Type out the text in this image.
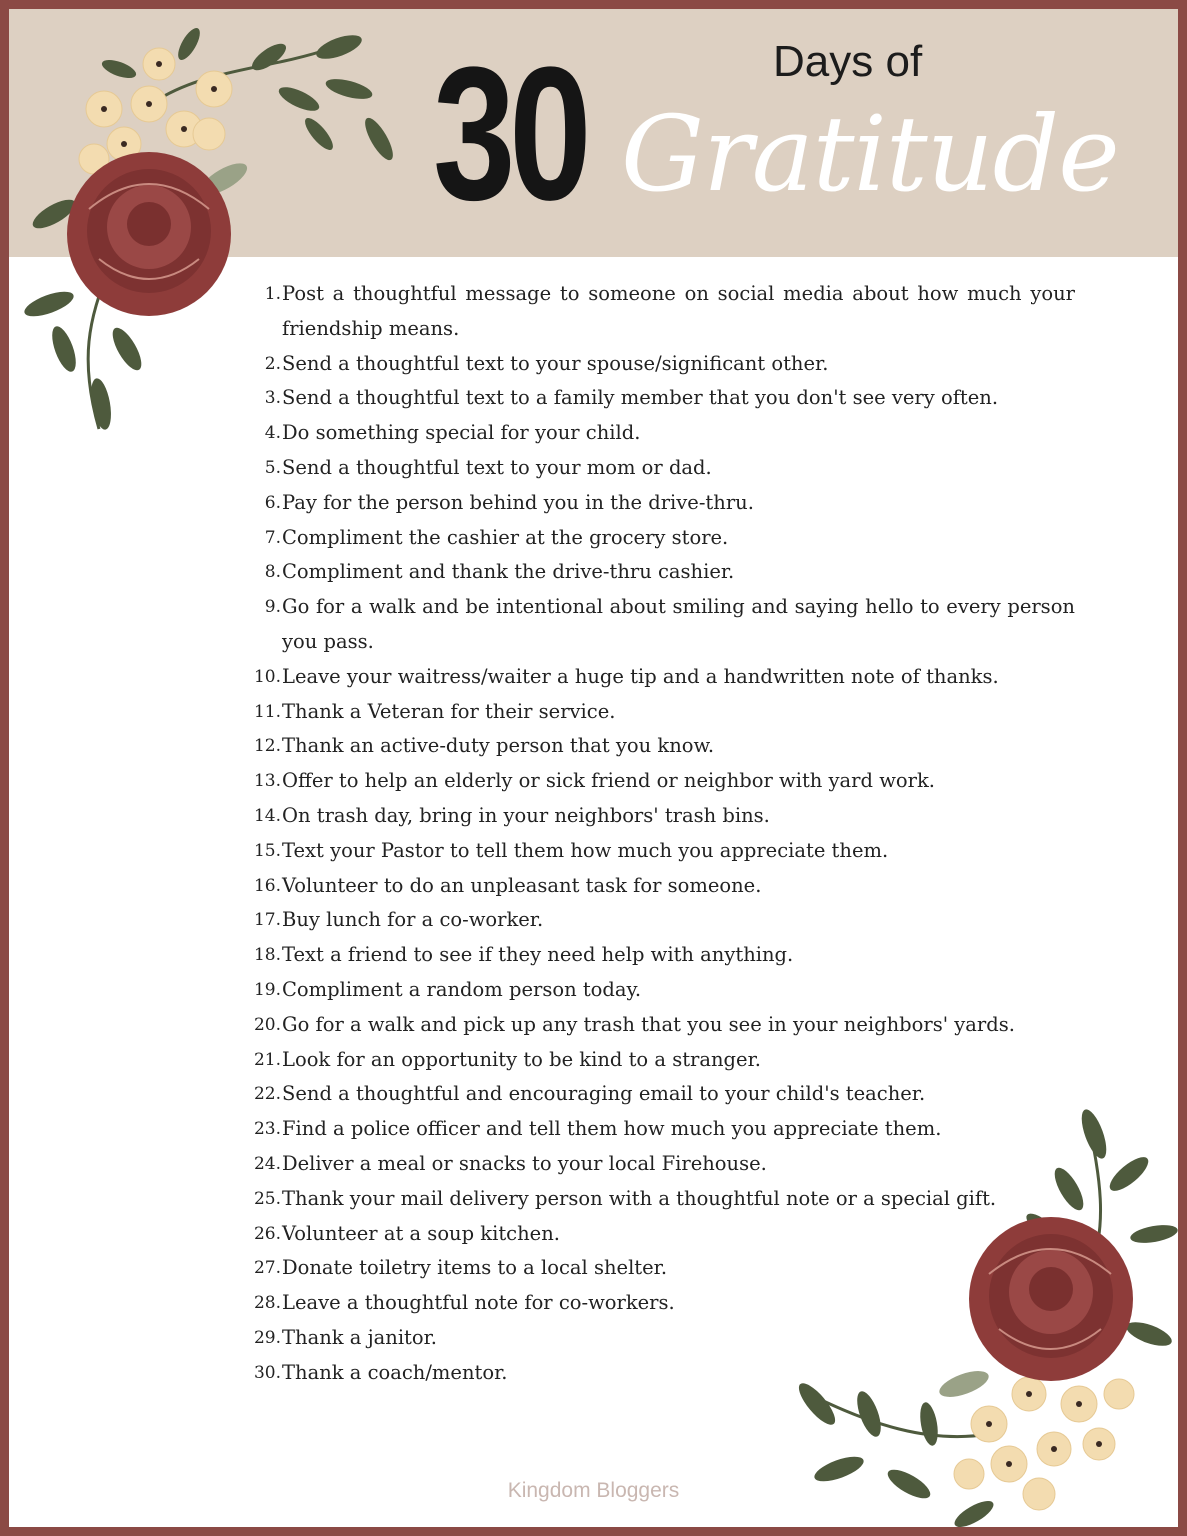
30	Days of
Gratitude
1. Post a thoughtful message to someone on social media about how much your friendship means.
2. Send a thoughtful text to your spouse/significant other.
3. Send a thoughtful text to a family member that you don't see very often.
4. Do something special for your child.
5. Send a thoughtful text to your mom or dad.
6. Pay for the person behind you in the drive-thru.
7. Compliment the cashier at the grocery store.
8. Compliment and thank the drive-thru cashier.
9. Go for a walk and be intentional about smiling and saying hello to every person you pass.
10. Leave your waitress/waiter a huge tip and a handwritten note of thanks.
11. Thank a Veteran for their service.
12. Thank an active-duty person that you know.
13. Offer to help an elderly or sick friend or neighbor with yard work.
14. On trash day, bring in your neighbors' trash bins.
15. Text your Pastor to tell them how much you appreciate them.
16. Volunteer to do an unpleasant task for someone.
17. Buy lunch for a co-worker.
18. Text a friend to see if they need help with anything.
19. Compliment a random person today.
20. Go for a walk and pick up any trash that you see in your neighbors' yards.
21. Look for an opportunity to be kind to a stranger.
22. Send a thoughtful and encouraging email to your child's teacher.
23. Find a police officer and tell them how much you appreciate them.
24. Deliver a meal or snacks to your local Firehouse.
25. Thank your mail delivery person with a thoughtful note or a special gift.
26. Volunteer at a soup kitchen.
27. Donate toiletry items to a local shelter.
28. Leave a thoughtful note for co-workers.
29. Thank a janitor.
30. Thank a coach/mentor.
Kingdom Bloggers
